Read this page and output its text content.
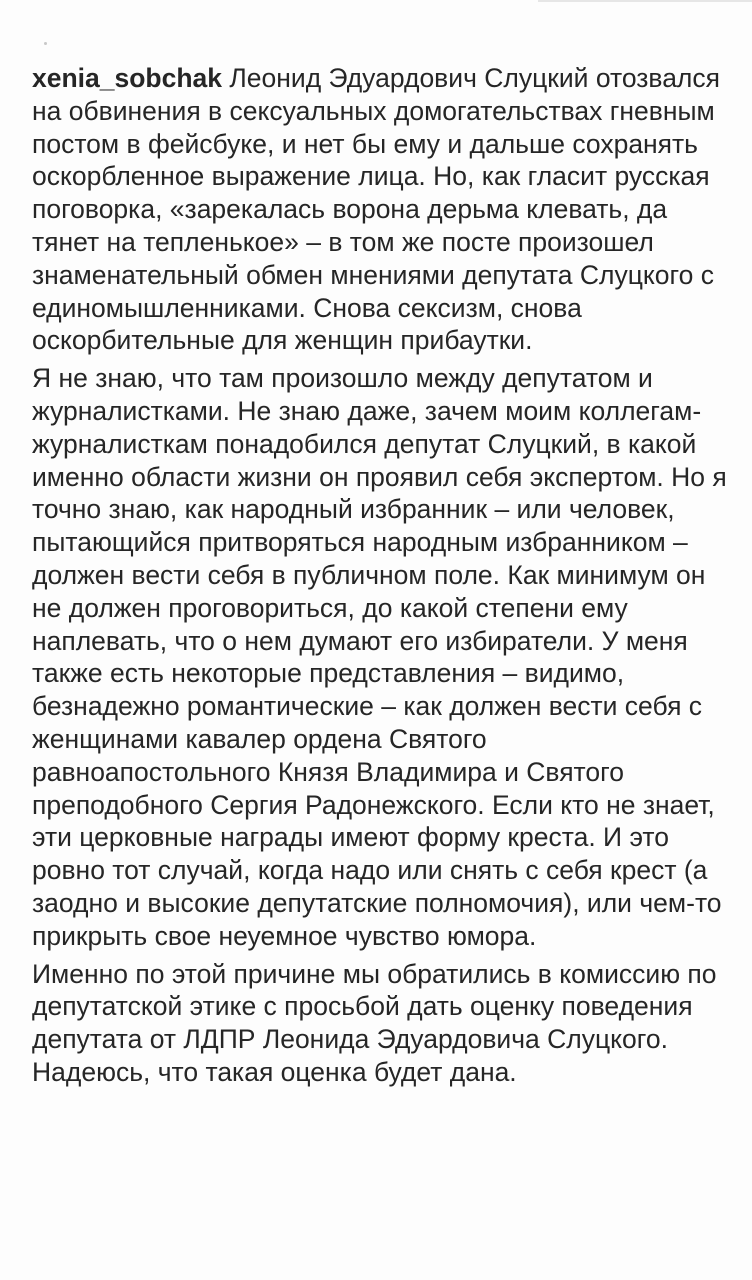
xenia_sobchak Леонид Эдуардович Слуцкий отозвался на обвинения в сексуальных домогательствах гневным постом в фейсбуке, и нет бы ему и дальше сохранять оскорбленное выражение лица. Но, как гласит русская поговорка, «зарекалась ворона дерьма клевать, да тянет на тепленькое» – в том же посте произошел знаменательный обмен мнениями депутата Слуцкого с единомышленниками. Снова сексизм, снова оскорбительные для женщин прибаутки.

Я не знаю, что там произошло между депутатом и журналистками. Не знаю даже, зачем моим коллегам-журналисткам понадобился депутат Слуцкий, в какой именно области жизни он проявил себя экспертом. Но я точно знаю, как народный избранник – или человек, пытающийся притворяться народным избранником – должен вести себя в публичном поле. Как минимум он не должен проговориться, до какой степени ему наплевать, что о нем думают его избиратели. У меня также есть некоторые представления – видимо, безнадежно романтические – как должен вести себя с женщинами кавалер ордена Святого равноапостольного Князя Владимира и Святого преподобного Сергия Радонежского. Если кто не знает, эти церковные награды имеют форму креста. И это ровно тот случай, когда надо или снять с себя крест (а заодно и высокие депутатские полномочия), или чем-то прикрыть свое неуемное чувство юмора.

Именно по этой причине мы обратились в комиссию по депутатской этике с просьбой дать оценку поведения депутата от ЛДПР Леонида Эдуардовича Слуцкого. Надеюсь, что такая оценка будет дана.
